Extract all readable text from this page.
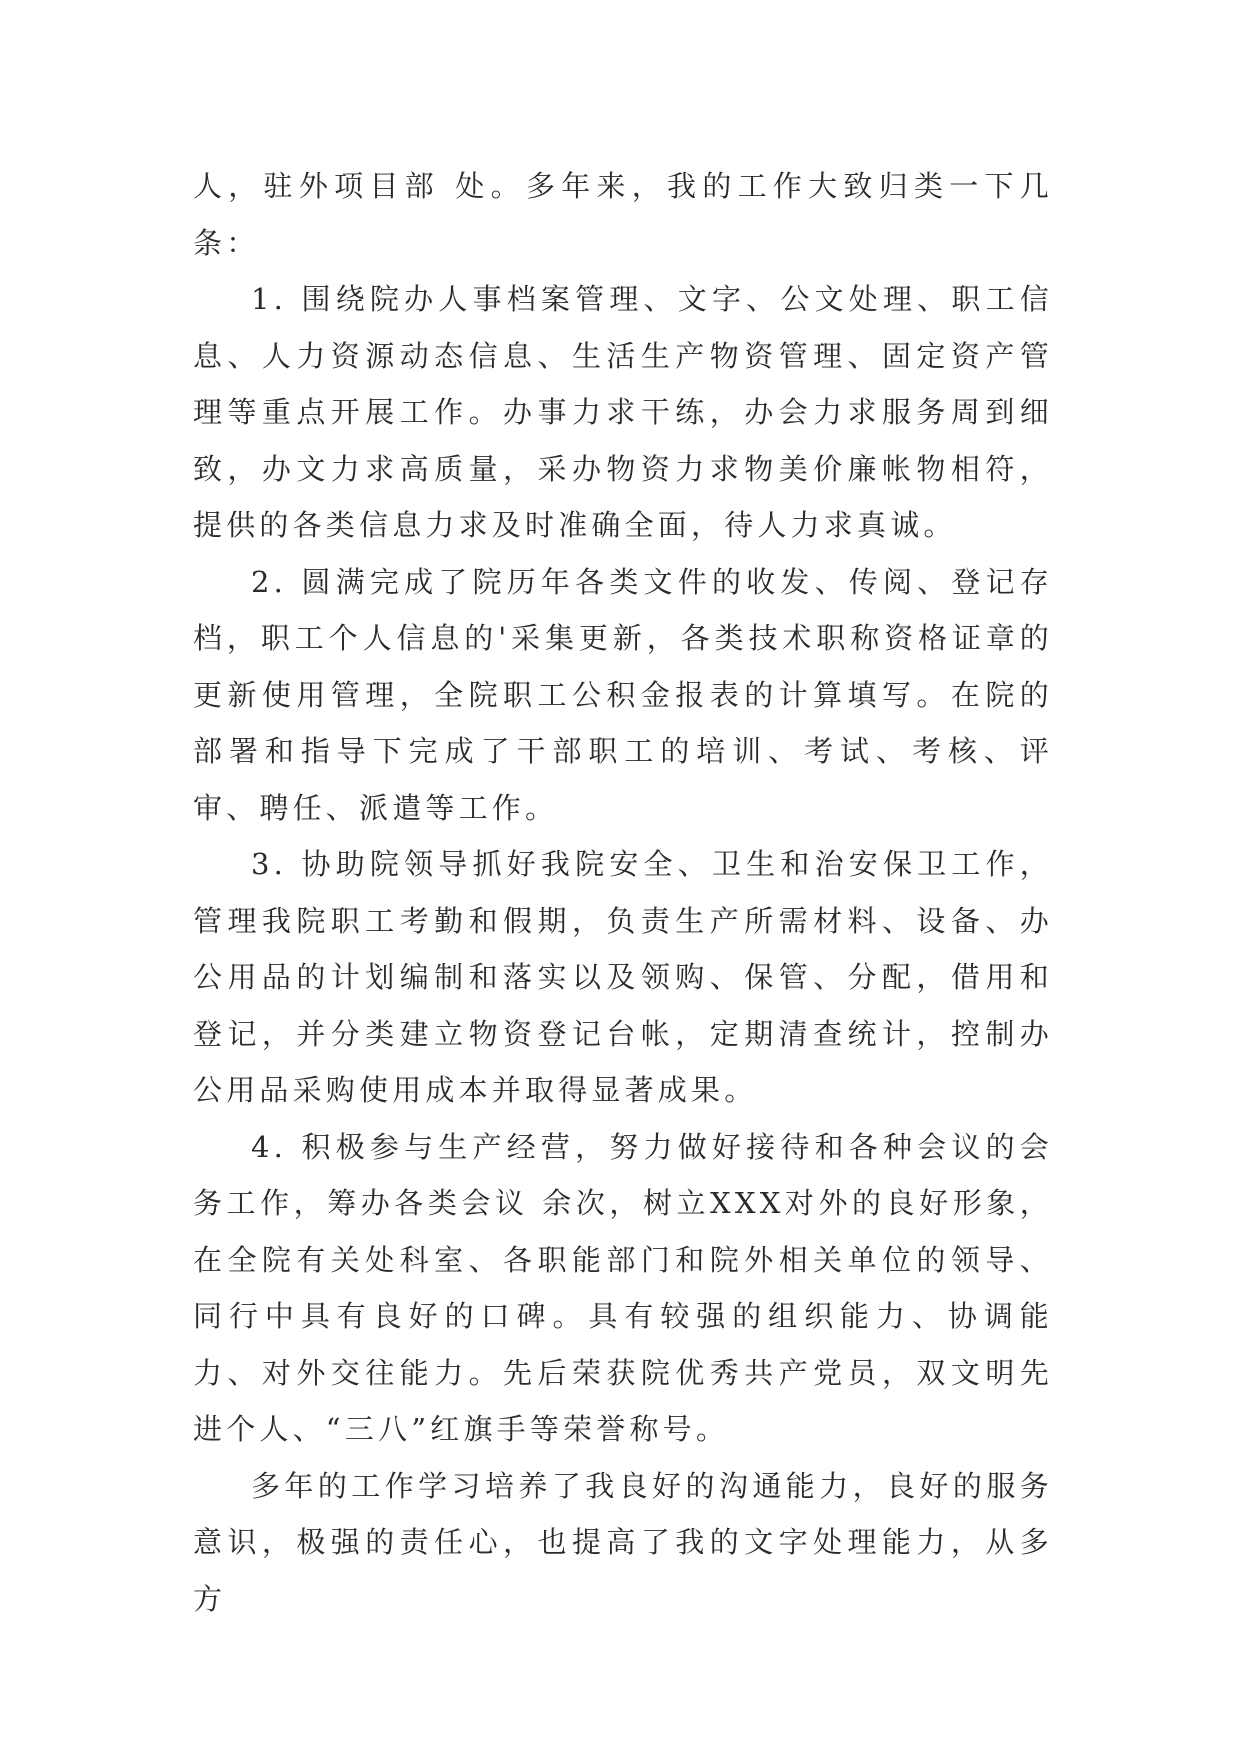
人，驻外项目部 处。多年来，我的工作大致归类一下几条：

1. 围绕院办人事档案管理、文字、公文处理、职工信息、人力资源动态信息、生活生产物资管理、固定资产管理等重点开展工作。办事力求干练，办会力求服务周到细致，办文力求高质量，采办物资力求物美价廉帐物相符，提供的各类信息力求及时准确全面，待人力求真诚。

2. 圆满完成了院历年各类文件的收发、传阅、登记存档，职工个人信息的'采集更新，各类技术职称资格证章的更新使用管理，全院职工公积金报表的计算填写。在院的部署和指导下完成了干部职工的培训、考试、考核、评审、聘任、派遣等工作。

3. 协助院领导抓好我院安全、卫生和治安保卫工作，管理我院职工考勤和假期，负责生产所需材料、设备、办公用品的计划编制和落实以及领购、保管、分配，借用和登记，并分类建立物资登记台帐，定期清查统计，控制办公用品采购使用成本并取得显著成果。

4. 积极参与生产经营，努力做好接待和各种会议的会务工作，筹办各类会议 余次，树立XXX对外的良好形象，在全院有关处科室、各职能部门和院外相关单位的领导、同行中具有良好的口碑。具有较强的组织能力、协调能力、对外交往能力。先后荣获院优秀共产党员，双文明先进个人、“三八”红旗手等荣誉称号。

多年的工作学习培养了我良好的沟通能力，良好的服务意识，极强的责任心，也提高了我的文字处理能力，从多方
